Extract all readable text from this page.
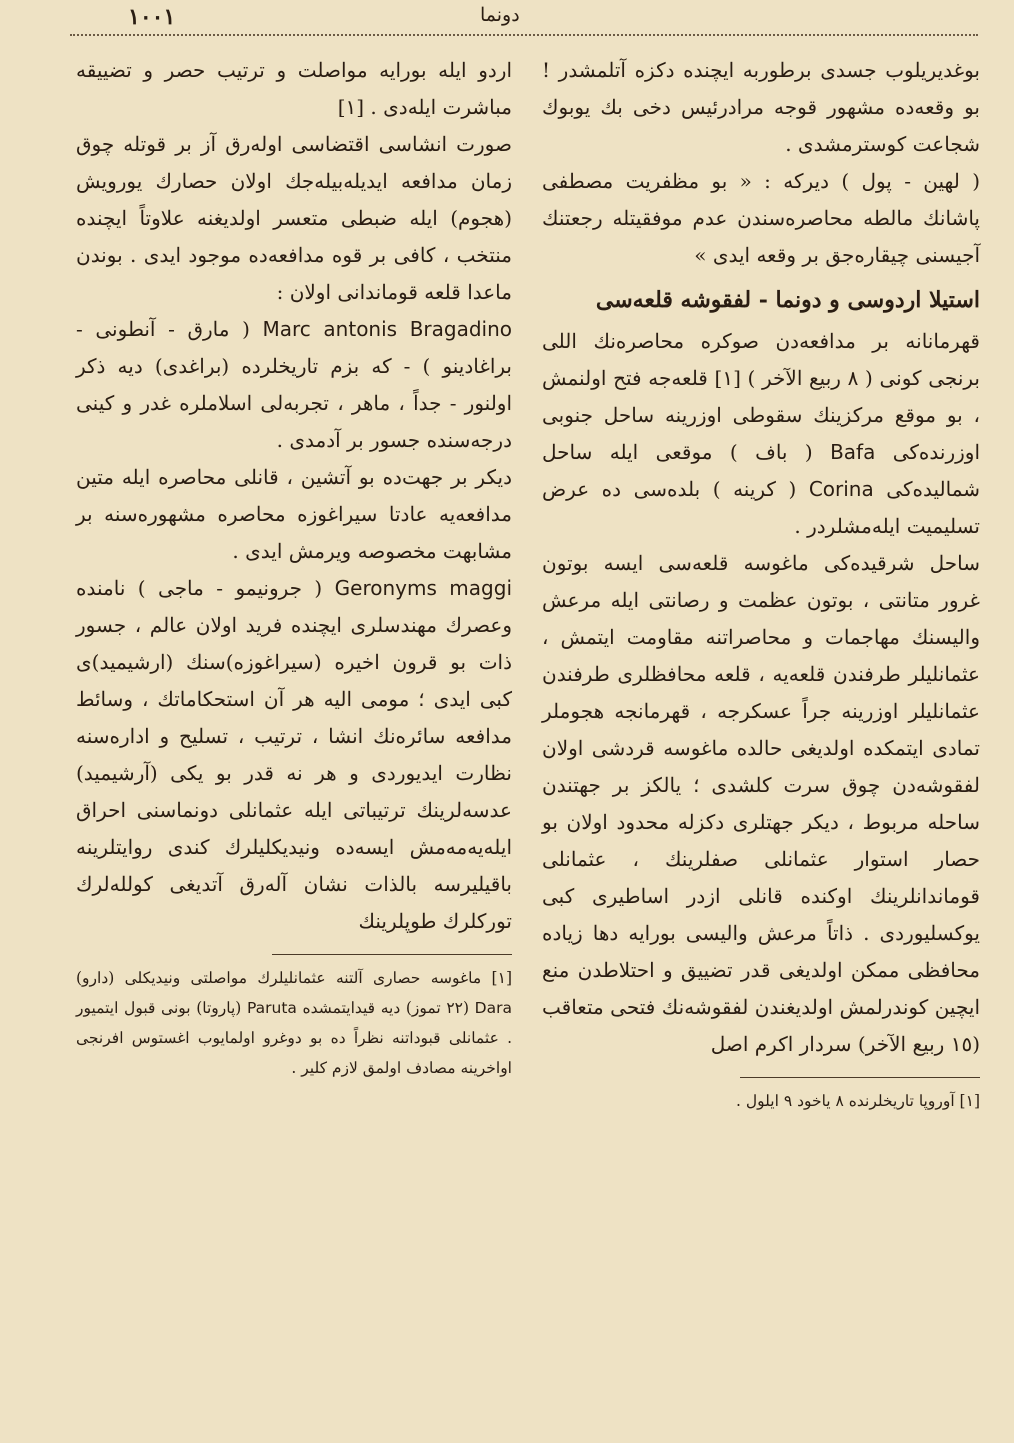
١٠٠١	دونما

بوغدیریلوب جسدی برطوربه ایچنده دکزه آتلمشدر ! بو وقعه‌ده مشهور قوجه مرادرئیس دخی بك یوبوك شجاعت کوسترمشدی .

( لهین - پول ) دیرکه : « بو مظفریت مصطفی پاشانك مالطه محاصره‌سندن عدم موفقیتله رجعتنك آجیسنی چیقاره‌جق بر وقعه ایدی »

استیلا اردوسی و دونما - لفقوشه قلعه‌سی

قهرمانانه بر مدافعه‌دن صوکره محاصره‌نك اللی برنجی کونی ( ٨ ربیع الآخر ) [١] قلعه‌جه فتح اولنمش ، بو موقع مرکزینك سقوطی اوزرینه ساحل جنوبی اوزرنده‌کی Bafa ( باف ) موقعی ایله ساحل شمالیده‌کی Corina ( کرینه ) بلده‌سی ده عرض تسلیمیت ایله‌مشلردر .

ساحل شرقیده‌کی ماغوسه قلعه‌سی ایسه بوتون غرور متانتی ، بوتون عظمت و رصانتی ایله مرعش والیسنك مهاجمات و محاصراتنه مقاومت ایتمش ، عثمانلیلر طرفندن قلعه‌یه ، قلعه محافظلری طرفندن عثمانلیلر اوزرینه جراً عسکرجه ، قهرمانجه هجوملر تمادی ایتمکده اولدیغی حالده ماغوسه قردشی اولان لفقوشه‌دن چوق سرت کلشدی ؛ یالکز بر جهتندن ساحله مربوط ، دیکر جهتلری دکزله محدود اولان بو حصار استوار عثمانلی صفلرینك ، عثمانلی قوماندانلرینك اوکنده قانلی ازدر اساطیری کبی یوکسلیوردی . ذاتاً مرعش والیسی بورایه دها زیاده محافظی ممکن اولدیغی قدر تضییق و احتلاطدن منع ایچین کوندرلمش اولدیغندن لفقوشه‌نك فتحی متعاقب (١٥ ربیع الآخر) سردار اکرم اصل

[١] آوروپا تاریخلرنده ٨ یاخود ٩ ایلول .

اردو ایله بورایه مواصلت و ترتیب حصر و تضییقه مباشرت ایله‌دی . [١]

صورت انشاسی اقتضاسی اوله‌رق آز بر قوتله چوق زمان مدافعه ایدیله‌بیله‌جك اولان حصارك یورویش (هجوم) ایله ضبطی متعسر اولدیغنه علاوتاً ایچنده منتخب ، کافی بر قوه مدافعه‌ده موجود ایدی . بوندن ماعدا قلعه قوماندانی اولان :

Marc antonis Bragadino ( مارق - آنطونی - براغادینو ) - که بزم تاریخلرده (براغدی) دیه ذکر اولنور - جداً ، ماهر ، تجربه‌لی اسلاملره غدر و کینی درجه‌سنده جسور بر آدمدی .

دیکر بر جهت‌ده بو آتشین ، قانلی محاصره ایله متین مدافعه‌یه عادتا سیراغوزه محاصره مشهوره‌سنه بر مشابهت مخصوصه ویرمش ایدی .

Geronyms maggi ( جرونیمو - ماجی ) نامنده وعصرك مهندسلری ایچنده فرید اولان عالم ، جسور ذات بو قرون اخیره (سیراغوزه)سنك (ارشیمید)ی کبی ایدی ؛ مومی الیه هر آن استحکاماتك ، وسائط مدافعه سائره‌نك انشا ، ترتیب ، تسلیح و اداره‌سنه نظارت ایدیوردی و هر نه قدر بو یکی (آرشیمید) عدسه‌لرینك ترتیباتی ایله عثمانلی دونماسنی احراق ایله‌یه‌مه‌مش ایسه‌ده ونیدیکلیلرك کندی روایتلرینه باقیلیرسه بالذات نشان آله‌رق آتدیغی کولله‌لرك تورکلرك طوپلرینك

[١] ماغوسه حصاری آلتنه عثمانلیلرك مواصلتی ونیدیکلی (دارو) Dara (٢٢ تموز) دیه قیدایتمشده Paruta (پاروتا) بونی قبول ایتمیور . عثمانلی قبوداتنه نظراً ده بو دوغرو اولمایوب اغستوس افرنجی اواخرینه مصادف اولمق لازم کلیر .
